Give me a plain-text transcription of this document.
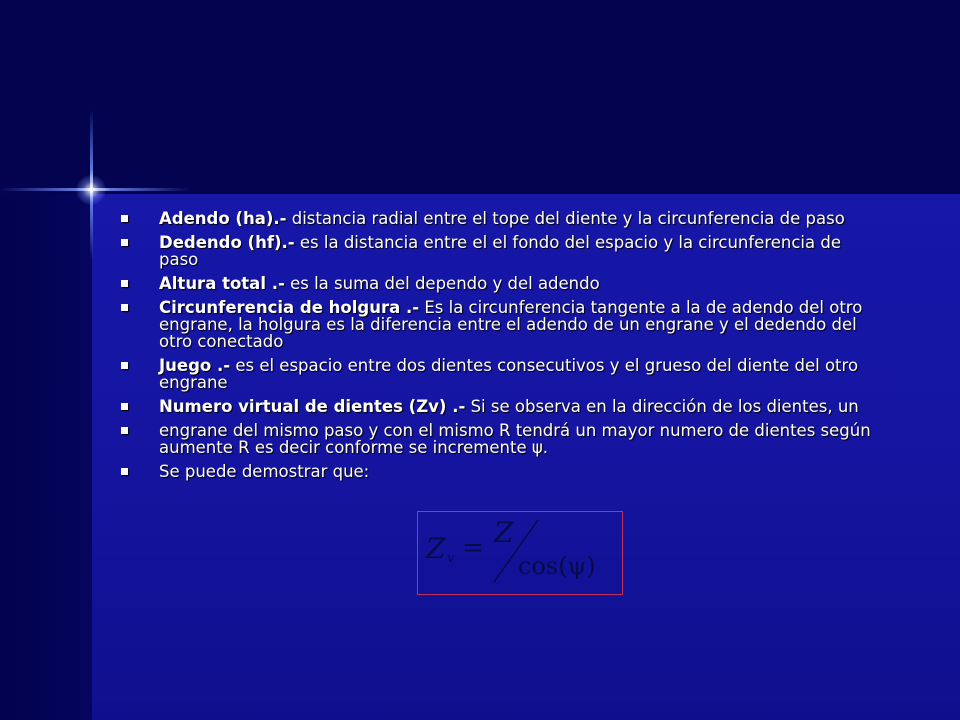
Adendo (ha).- distancia radial entre el tope del diente y la circunferencia de paso
Dedendo (hf).- es la distancia entre el el fondo del espacio y la circunferencia de paso
Altura total .- es la suma del dependo y del adendo
Circunferencia de holgura .- Es la circunferencia tangente a la de adendo del otro engrane, la holgura es la diferencia entre el adendo de un engrane y el dedendo del otro conectado
Juego .- es el espacio entre dos dientes consecutivos y el grueso del diente del otro engrane
Numero virtual de dientes (Zv) .- Si se observa en la dirección de los dientes, un
engrane del mismo paso y con el mismo R tendrá un mayor numero de dientes según aumente R es decir conforme se incremente ψ.
Se puede demostrar que:
Z v = Z
cos(ψ)
